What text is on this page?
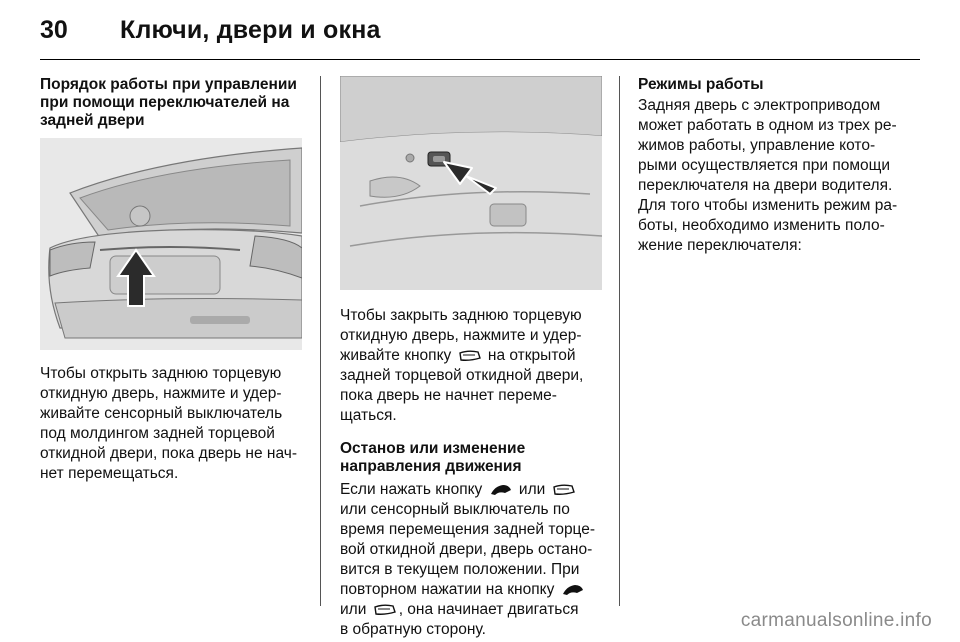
30 Ключи, двери и окна

Порядок работы при управлении
при помощи переключателей на
задней двери

Чтобы открыть заднюю торцевую
откидную дверь, нажмите и удер-
живайте сенсорный выключатель
под молдингом задней торцевой
откидной двери, пока дверь не нач-
нет перемещаться.

Чтобы закрыть заднюю торцевую
откидную дверь, нажмите и удер-
живайте кнопку на открытой
задней торцевой откидной двери,
пока дверь не начнет переме-
щаться.

Останов или изменение
направления движения

Если нажать кнопку или
или сенсорный выключатель по
время перемещения задней торце-
вой откидной двери, дверь остано-
вится в текущем положении. При
повторном нажатии на кнопку
или , она начинает двигаться
в обратную сторону.

Режимы работы

Задняя дверь с электроприводом
может работать в одном из трех ре-
жимов работы, управление кото-
рыми осуществляется при помощи
переключателя на двери водителя.
Для того чтобы изменить режим ра-
боты, необходимо изменить поло-
жение переключателя:

carmanualsonline.info
